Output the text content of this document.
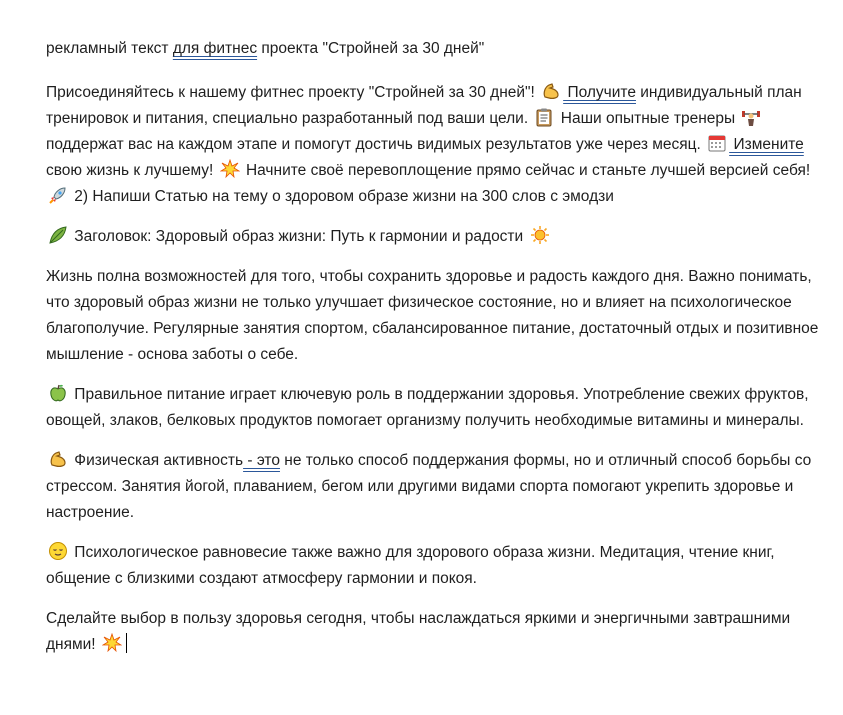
рекламный текст для фитнес проекта "Стройней за 30 дней"

Присоединяйтесь к нашему фитнес проекту "Стройней за 30 дней"!  Получите индивидуальный план тренировок и питания, специально разработанный под ваши цели.  Наши опытные тренеры  поддержат вас на каждом этапе и помогут достичь видимых результатов уже через месяц.  Измените свою жизнь к лучшему!  Начните своё перевоплощение прямо сейчас и станьте лучшей версией себя!  2) Напиши Статью на тему о здоровом образе жизни на 300 слов с эмодзи

Заголовок: Здоровый образ жизни: Путь к гармонии и радости

Жизнь полна возможностей для того, чтобы сохранить здоровье и радость каждого дня. Важно понимать, что здоровый образ жизни не только улучшает физическое состояние, но и влияет на психологическое благополучие. Регулярные занятия спортом, сбалансированное питание, достаточный отдых и позитивное мышление - основа заботы о себе.

Правильное питание играет ключевую роль в поддержании здоровья. Употребление свежих фруктов, овощей, злаков, белковых продуктов помогает организму получить необходимые витамины и минералы.

Физическая активность - это не только способ поддержания формы, но и отличный способ борьбы со стрессом. Занятия йогой, плаванием, бегом или другими видами спорта помогают укрепить здоровье и настроение.

Психологическое равновесие также важно для здорового образа жизни. Медитация, чтение книг, общение с близкими создают атмосферу гармонии и покоя.

Сделайте выбор в пользу здоровья сегодня, чтобы наслаждаться яркими и энергичными завтрашними днями!
